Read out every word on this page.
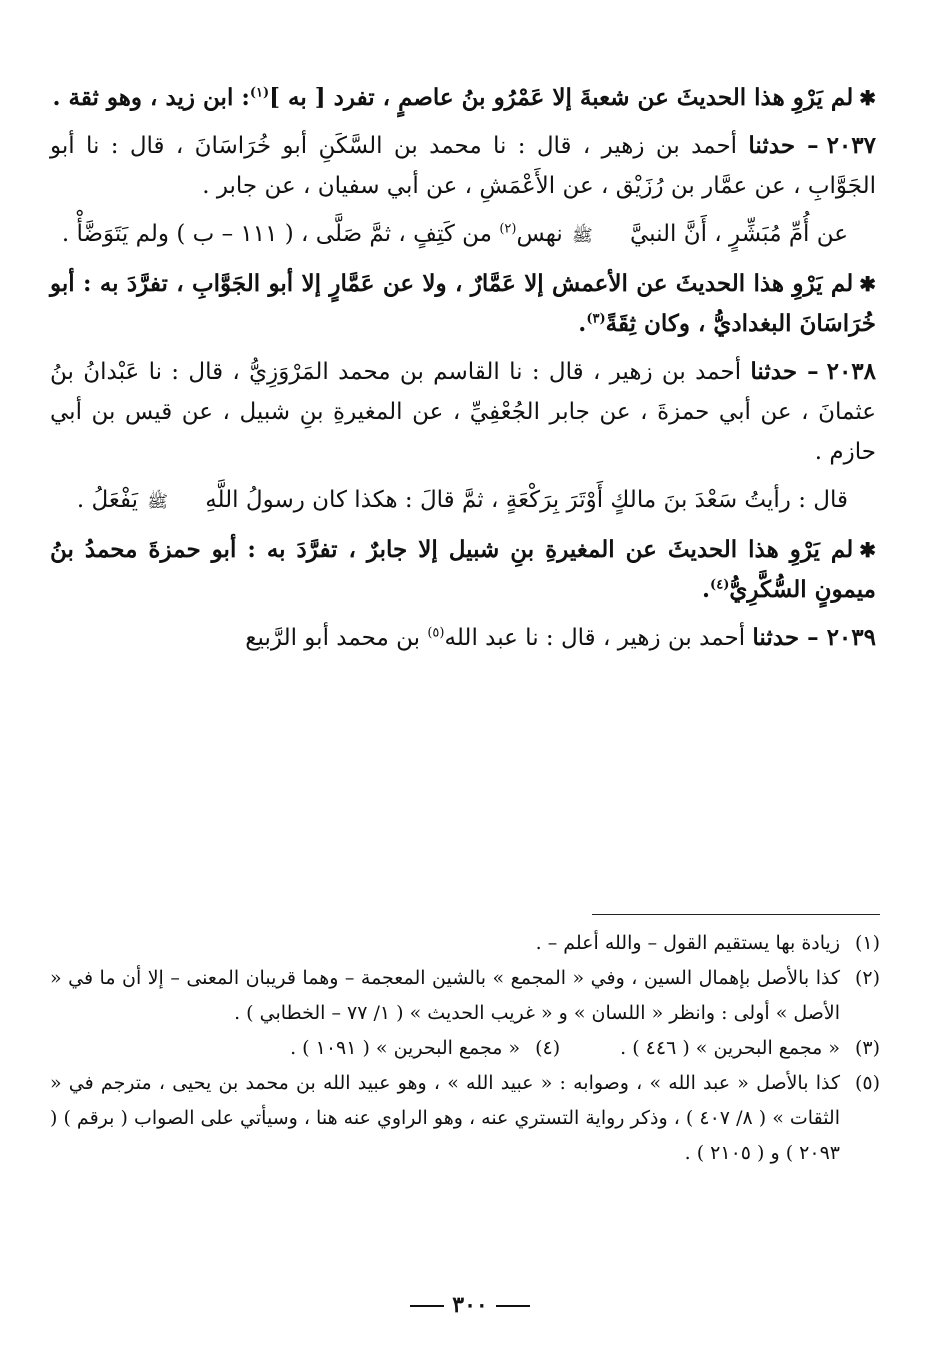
✱لم يَرْوِ هذا الحديثَ عن شعبةَ إلا عَمْرُو بنُ عاصمٍ ، تفرد [ به ]$^{(١)}$: ابن زيد ، وهو ثقة .

٢٠٣٧– حدثنا أحمد بن زهير ، قال : نا محمد بن السَّكَنِ أبو خُرَاسَانَ ، قال : نا أبو الجَوَّابِ ، عن عمَّار بن رُزَيْق ، عن الأَعْمَشِ ، عن أبي سفيان ، عن جابر .

عن أُمِّ مُبَشِّرٍ ، أَنَّ النبيَّ ﷺ نهس$^{(٢)}$ من كَتِفٍ ، ثمَّ صَلَّى ، ( ١١١ – ب ) ولم يَتَوَضَّأْ .

✱لم يَرْوِ هذا الحديثَ عن الأعمش إلا عَمَّارٌ ، ولا عن عَمَّارٍ إلا أبو الجَوَّابِ ، تفرَّدَ به : أبو خُرَاسَانَ البغداديُّ ، وكان ثِقَةً$^{(٣)}$.

٢٠٣٨– حدثنا أحمد بن زهير ، قال : نا القاسم بن محمد المَرْوَزِيُّ ، قال : نا عَبْدانُ بنُ عثمانَ ، عن أبي حمزةَ ، عن جابر الجُعْفِيِّ ، عن المغيرةِ بنِ شبيل ، عن قيس بن أبي حازم .

قال : رأيتُ سَعْدَ بنَ مالكٍ أَوْتَرَ بِرَكْعَةٍ ، ثمَّ قالَ : هكذا كان رسولُ اللَّهِ ﷺ يَفْعَلُ .

✱لم يَرْوِ هذا الحديثَ عن المغيرةِ بنِ شبيل إلا جابرٌ ، تفرَّدَ به : أبو حمزةَ محمدُ بنُ ميمونٍ السُّكَّرِيُّ$^{(٤)}$.

٢٠٣٩– حدثنا أحمد بن زهير ، قال : نا عبد الله$^{(٥)}$ بن محمد أبو الرَّبيع

(١)
زيادة بها يستقيم القول – والله أعلم – .
(٢)
كذا بالأصل بإهمال السين ، وفي « المجمع » بالشين المعجمة – وهما قريبان المعنى – إلا أن ما في « الأصل » أولى : وانظر « اللسان » و « غريب الحديث » ( ١/ ٧٧ – الخطابي ) .
(٣)
« مجمع البحرين » ( ٤٤٦ ) .
(٤)
« مجمع البحرين » ( ١٠٩١ ) .
(٥)
كذا بالأصل « عبد الله » ، وصوابه : « عبيد الله » ، وهو عبيد الله بن محمد بن يحيى ، مترجم في « الثقات » ( ٨/ ٤٠٧ ) ، وذكر رواية التستري عنه ، وهو الراوي عنه هنا ، وسيأتي على الصواب ( برقم ) ( ٢٠٩٣ ) و ( ٢١٠٥ ) .
٣٠٠
